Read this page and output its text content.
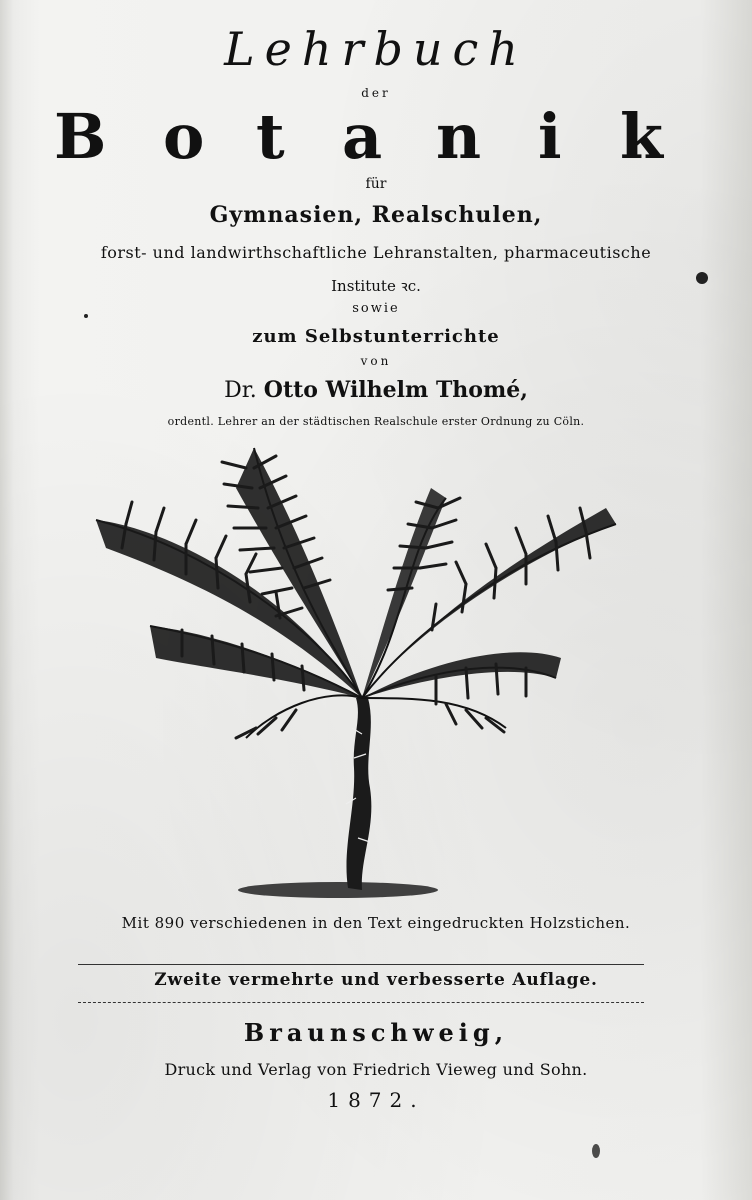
Lehrbuch
der
B o t a n i k
für
Gymnasien, Realschulen,
forst- und landwirthschaftliche Lehranstalten, pharmaceutische
Institute ꝛc.
sowie
zum Selbstunterrichte
von
Dr. Otto Wilhelm Thomé,
ordentl. Lehrer an der städtischen Realschule erster Ordnung zu Cöln.
Mit 890 verschiedenen in den Text eingedruckten Holzstichen.
Zweite vermehrte und verbesserte Auflage.
Braunschweig,
Druck und Verlag von Friedrich Vieweg und Sohn.
1872.
